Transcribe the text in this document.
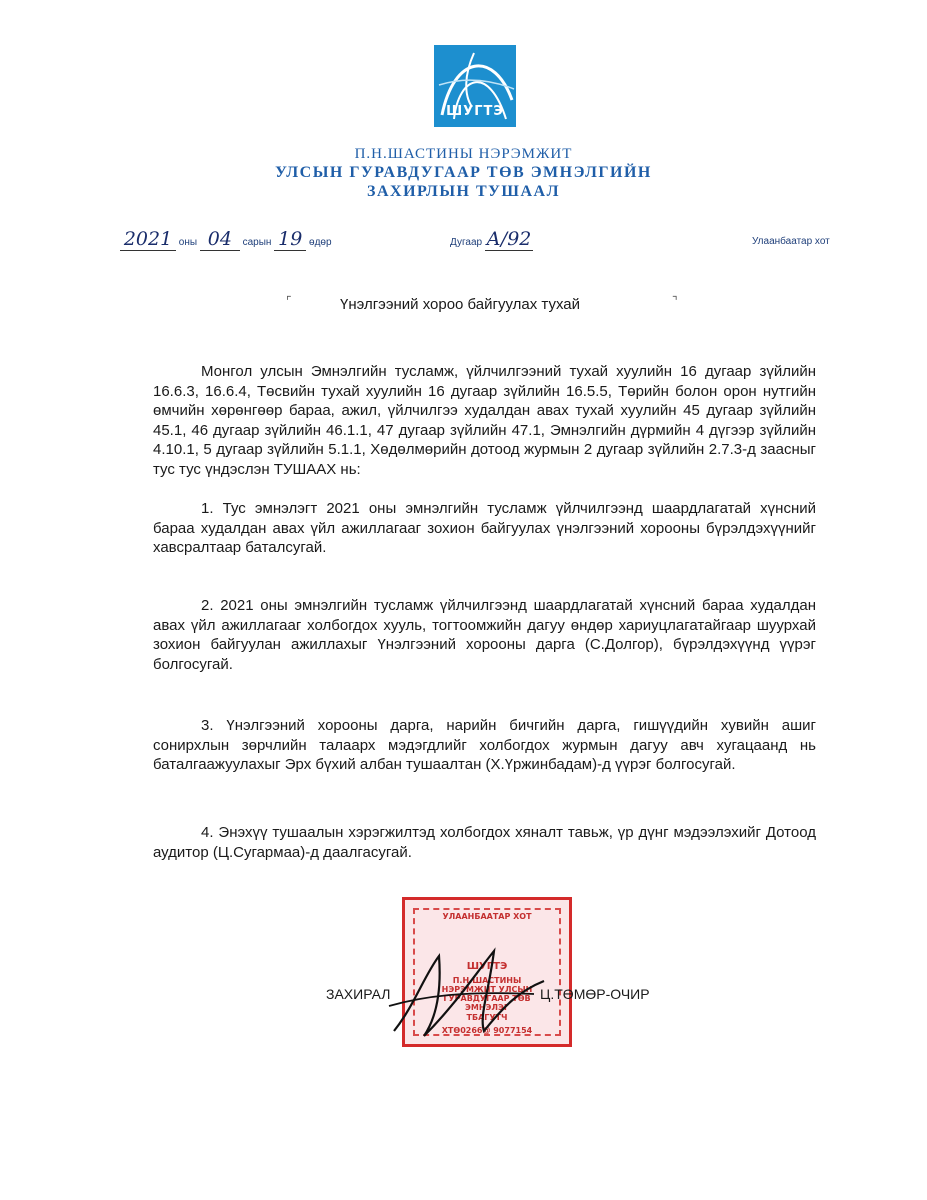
ШУГТЭ
П.Н.ШАСТИНЫ НЭРЭМЖИТ
УЛСЫН ГУРАВДУГААР ТӨВ ЭМНЭЛГИЙН
ЗАХИРЛЫН ТУШААЛ
2021 оны 04 сарын 19 өдөр	Дугаар А/92	Улаанбаатар хот
⌜	Үнэлгээний хороо байгуулах тухай	⌝

Монгол улсын Эмнэлгийн тусламж, үйлчилгээний тухай хуулийн 16 дугаар зүйлийн 16.6.3, 16.6.4, Төсвийн тухай хуулийн 16 дугаар зүйлийн 16.5.5, Төрийн болон орон нутгийн өмчийн хөрөнгөөр бараа, ажил, үйлчилгээ худалдан авах тухай хуулийн 45 дугаар зүйлийн 45.1, 46 дугаар зүйлийн 46.1.1, 47 дугаар зүйлийн 47.1, Эмнэлгийн дүрмийн 4 дүгээр зүйлийн 4.10.1, 5 дугаар зүйлийн 5.1.1, Хөдөлмөрийн дотоод журмын 2 дугаар зүйлийн 2.7.3-д заасныг тус тус үндэслэн ТУШААХ нь:

1. Тус эмнэлэгт 2021 оны эмнэлгийн тусламж үйлчилгээнд шаардлагатай хүнсний бараа худалдан авах үйл ажиллагааг зохион байгуулах үнэлгээний хорооны бүрэлдэхүүнийг хавсралтаар баталсугай.

2. 2021 оны эмнэлгийн тусламж үйлчилгээнд шаардлагатай хүнсний бараа худалдан авах үйл ажиллагааг холбогдох хууль, тогтоомжийн дагуу өндөр хариуцлагатайгаар шуурхай зохион байгуулан ажиллахыг Үнэлгээний хорооны дарга (С.Долгор), бүрэлдэхүүнд үүрэг болгосугай.

3. Үнэлгээний хорооны дарга, нарийн бичгийн дарга, гишүүдийн хувийн ашиг сонирхлын зөрчлийн талаарх мэдэгдлийг холбогдох журмын дагуу авч хугацаанд нь баталгаажуулахыг Эрх бүхий албан тушаалтан (Х.Үржинбадам)-д үүрэг болгосугай.

4. Энэхүү тушаалын хэрэгжилтэд холбогдох хяналт тавьж, үр дүнг мэдээлэхийг Дотоод аудитор (Ц.Сугармаа)-д даалгасугай.

УЛААНБААТАР ХОТ
ШУГТЭ
П.Н.ШАСТИНЫ
НЭРЭМЖИТ УЛСЫН
ГУРАВДУГААР ТӨВ
ЭМНЭЛЭГ
ТБАГУТЧ
ХТӨ0266@ 9077154
ЗАХИРАЛ	Ц.ТӨМӨР-ОЧИР
